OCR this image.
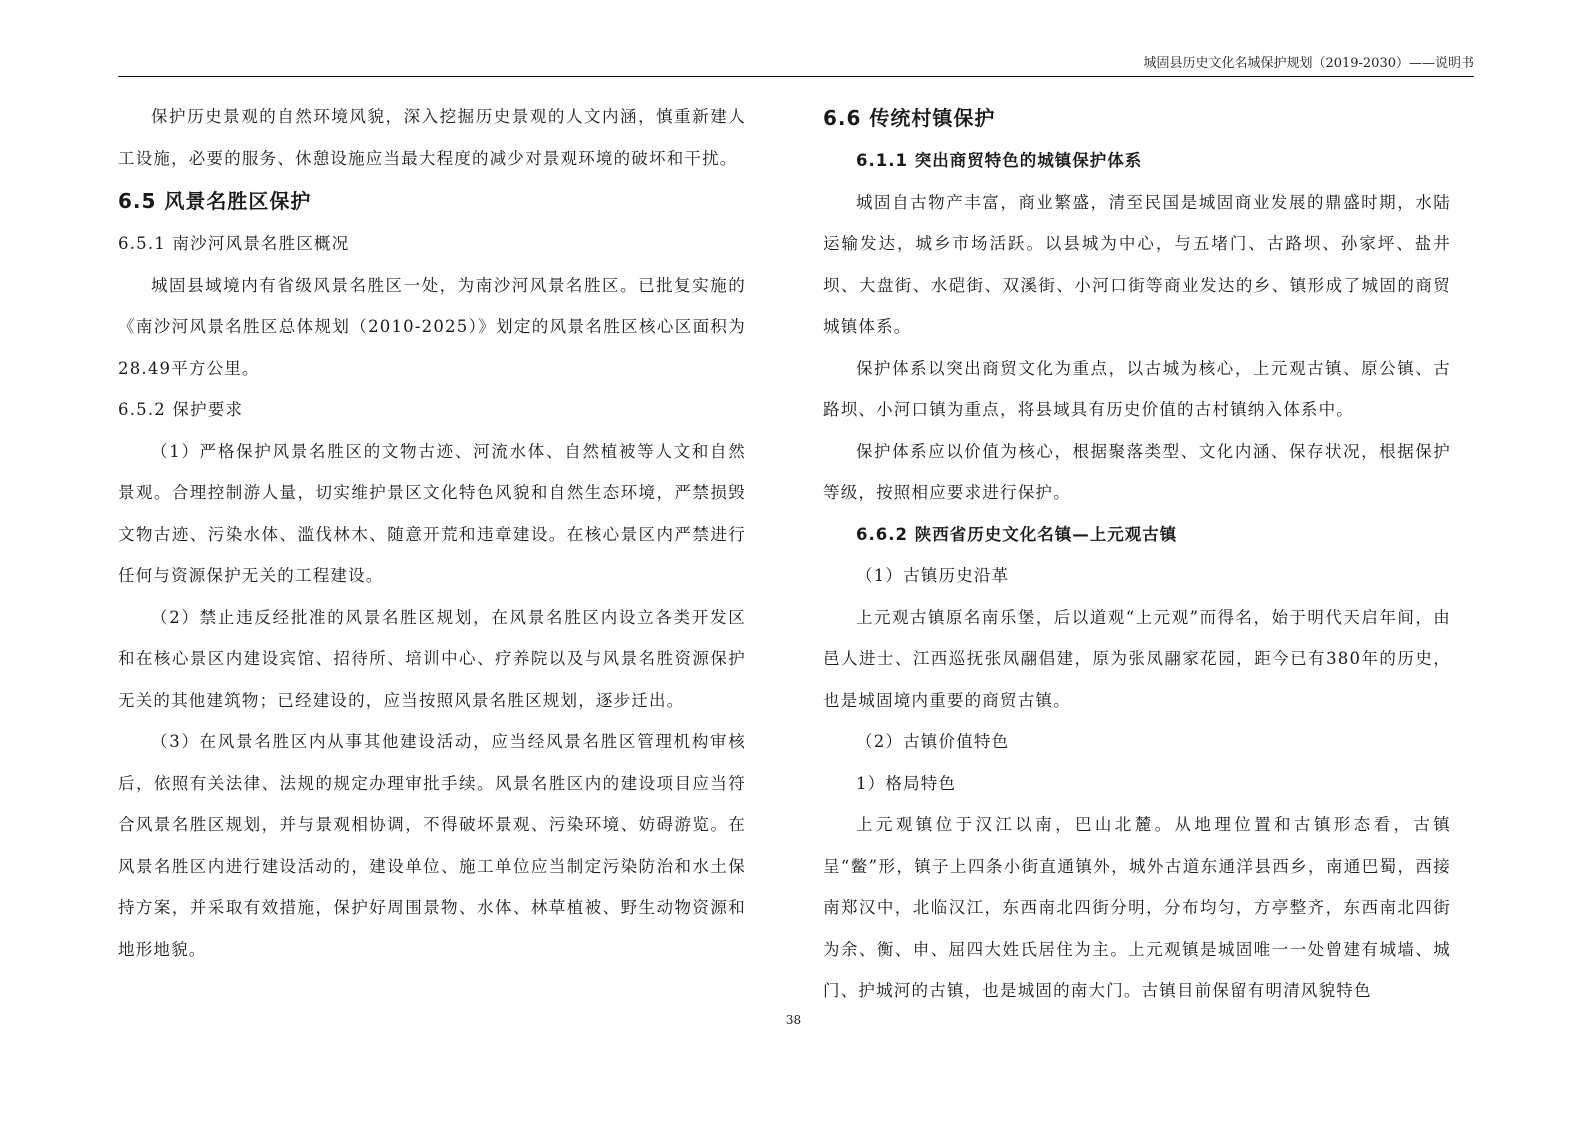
城固县历史文化名城保护规划（2019-2030）——说明书

保护历史景观的自然环境风貌，深入挖掘历史景观的人文内涵，慎重新建人工设施，必要的服务、休憩设施应当最大程度的减少对景观环境的破坏和干扰。

6.5 风景名胜区保护

6.5.1 南沙河风景名胜区概况

城固县域境内有省级风景名胜区一处，为南沙河风景名胜区。已批复实施的《南沙河风景名胜区总体规划（2010-2025）》划定的风景名胜区核心区面积为28.49平方公里。

6.5.2 保护要求

（1）严格保护风景名胜区的文物古迹、河流水体、自然植被等人文和自然景观。合理控制游人量，切实维护景区文化特色风貌和自然生态环境，严禁损毁文物古迹、污染水体、滥伐林木、随意开荒和违章建设。在核心景区内严禁进行任何与资源保护无关的工程建设。

（2）禁止违反经批准的风景名胜区规划，在风景名胜区内设立各类开发区和在核心景区内建设宾馆、招待所、培训中心、疗养院以及与风景名胜资源保护无关的其他建筑物；已经建设的，应当按照风景名胜区规划，逐步迁出。

（3）在风景名胜区内从事其他建设活动，应当经风景名胜区管理机构审核后，依照有关法律、法规的规定办理审批手续。风景名胜区内的建设项目应当符合风景名胜区规划，并与景观相协调，不得破坏景观、污染环境、妨碍游览。在风景名胜区内进行建设活动的，建设单位、施工单位应当制定污染防治和水土保持方案，并采取有效措施，保护好周围景物、水体、林草植被、野生动物资源和地形地貌。

6.6 传统村镇保护
6.1.1 突出商贸特色的城镇保护体系

城固自古物产丰富，商业繁盛，清至民国是城固商业发展的鼎盛时期，水陆运输发达，城乡市场活跃。以县城为中心，与五堵门、古路坝、孙家坪、盐井坝、大盘街、水硙街、双溪街、小河口街等商业发达的乡、镇形成了城固的商贸城镇体系。

保护体系以突出商贸文化为重点，以古城为核心，上元观古镇、原公镇、古路坝、小河口镇为重点，将县域具有历史价值的古村镇纳入体系中。

保护体系应以价值为核心，根据聚落类型、文化内涵、保存状况，根据保护等级，按照相应要求进行保护。

6.6.2 陕西省历史文化名镇—上元观古镇

（1）古镇历史沿革

上元观古镇原名南乐堡，后以道观“上元观”而得名，始于明代天启年间，由邑人进士、江西巡抚张凤翮倡建，原为张凤翮家花园，距今已有380年的历史，也是城固境内重要的商贸古镇。

（2）古镇价值特色

1）格局特色

上元观镇位于汉江以南，巴山北麓。从地理位置和古镇形态看，古镇呈“鳖”形，镇子上四条小街直通镇外，城外古道东通洋县西乡，南通巴蜀，西接南郑汉中，北临汉江，东西南北四街分明，分布均匀，方亭整齐，东西南北四街为余、衡、申、屈四大姓氏居住为主。上元观镇是城固唯一一处曾建有城墙、城门、护城河的古镇，也是城固的南大门。古镇目前保留有明清风貌特色

38
